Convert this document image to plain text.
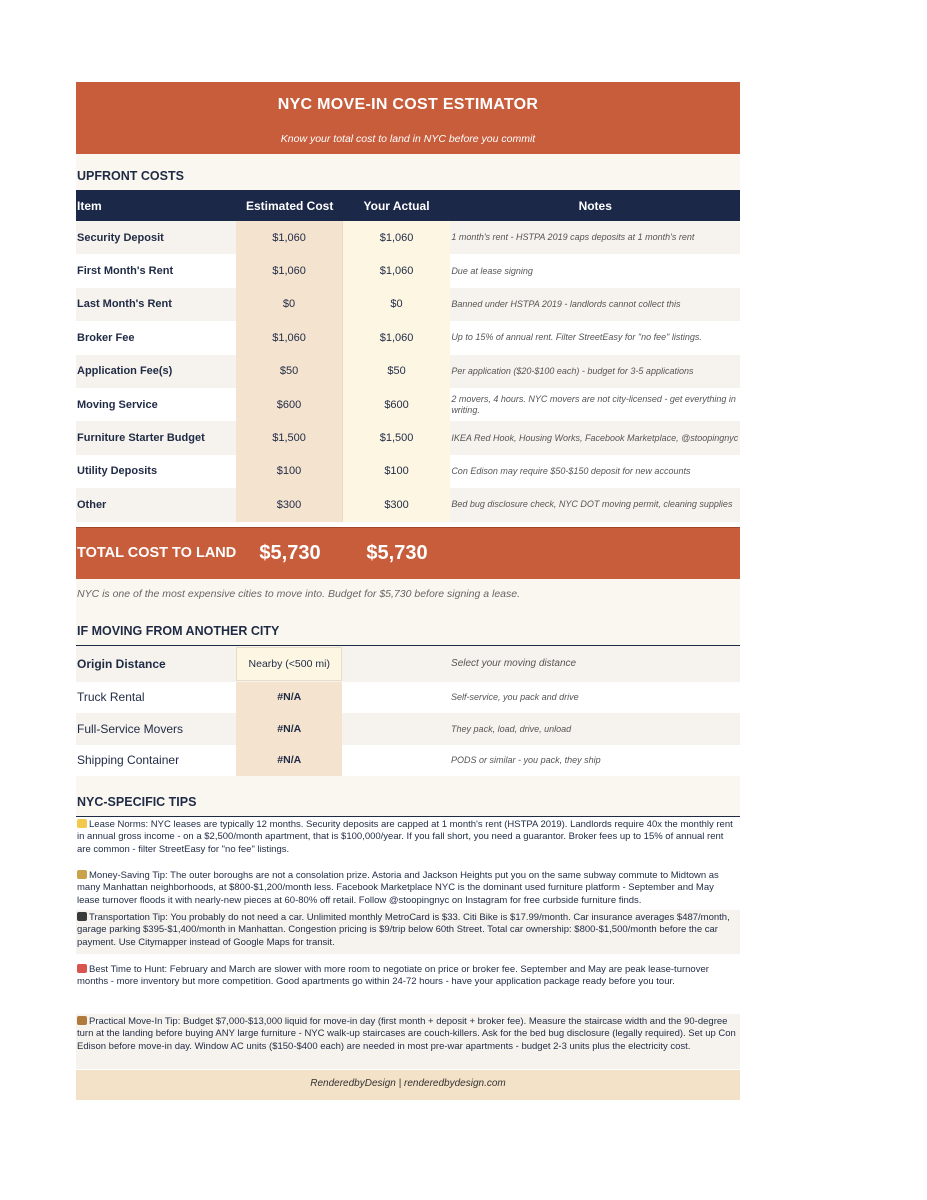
NYC MOVE-IN COST ESTIMATOR
Know your total cost to land in NYC before you commit
UPFRONT COSTS
Item	Estimated Cost	Your Actual	Notes
Security Deposit	$1,060	$1,060	1 month's rent - HSTPA 2019 caps deposits at 1 month's rent
First Month's Rent	$1,060	$1,060	Due at lease signing
Last Month's Rent	$0	$0	Banned under HSTPA 2019 - landlords cannot collect this
Broker Fee	$1,060	$1,060	Up to 15% of annual rent. Filter StreetEasy for "no fee" listings.
Application Fee(s)	$50	$50	Per application ($20-$100 each) - budget for 3-5 applications
Moving Service	$600	$600	2 movers, 4 hours. NYC movers are not city-licensed - get everything in writing.
Furniture Starter Budget	$1,500	$1,500	IKEA Red Hook, Housing Works, Facebook Marketplace, @stoopingnyc
Utility Deposits	$100	$100	Con Edison may require $50-$150 deposit for new accounts
Other	$300	$300	Bed bug disclosure check, NYC DOT moving permit, cleaning supplies
TOTAL COST TO LAND	$5,730	$5,730
NYC is one of the most expensive cities to move into. Budget for $5,730 before signing a lease.
IF MOVING FROM ANOTHER CITY
Origin Distance	Nearby (<500 mi)	Select your moving distance
Truck Rental	#N/A	Self-service, you pack and drive
Full-Service Movers	#N/A	They pack, load, drive, unload
Shipping Container	#N/A	PODS or similar - you pack, they ship
NYC-SPECIFIC TIPS
Lease Norms: NYC leases are typically 12 months. Security deposits are capped at 1 month's rent (HSTPA 2019). Landlords require 40x the monthly rent in annual gross income - on a $2,500/month apartment, that is $100,000/year. If you fall short, you need a guarantor. Broker fees up to 15% of annual rent are common - filter StreetEasy for "no fee" listings.
Money-Saving Tip: The outer boroughs are not a consolation prize. Astoria and Jackson Heights put you on the same subway commute to Midtown as many Manhattan neighborhoods, at $800-$1,200/month less. Facebook Marketplace NYC is the dominant used furniture platform - September and May lease turnover floods it with nearly-new pieces at 60-80% off retail. Follow @stoopingnyc on Instagram for free curbside furniture finds.
Transportation Tip: You probably do not need a car. Unlimited monthly MetroCard is $33. Citi Bike is $17.99/month. Car insurance averages $487/month, garage parking $395-$1,400/month in Manhattan. Congestion pricing is $9/trip below 60th Street. Total car ownership: $800-$1,500/month before the car payment. Use Citymapper instead of Google Maps for transit.
Best Time to Hunt: February and March are slower with more room to negotiate on price or broker fee. September and May are peak lease-turnover months - more inventory but more competition. Good apartments go within 24-72 hours - have your application package ready before you tour.
Practical Move-In Tip: Budget $7,000-$13,000 liquid for move-in day (first month + deposit + broker fee). Measure the staircase width and the 90-degree turn at the landing before buying ANY large furniture - NYC walk-up staircases are couch-killers. Ask for the bed bug disclosure (legally required). Set up Con Edison before move-in day. Window AC units ($150-$400 each) are needed in most pre-war apartments - budget 2-3 units plus the electricity cost.
RenderedbyDesign | renderedbydesign.com
